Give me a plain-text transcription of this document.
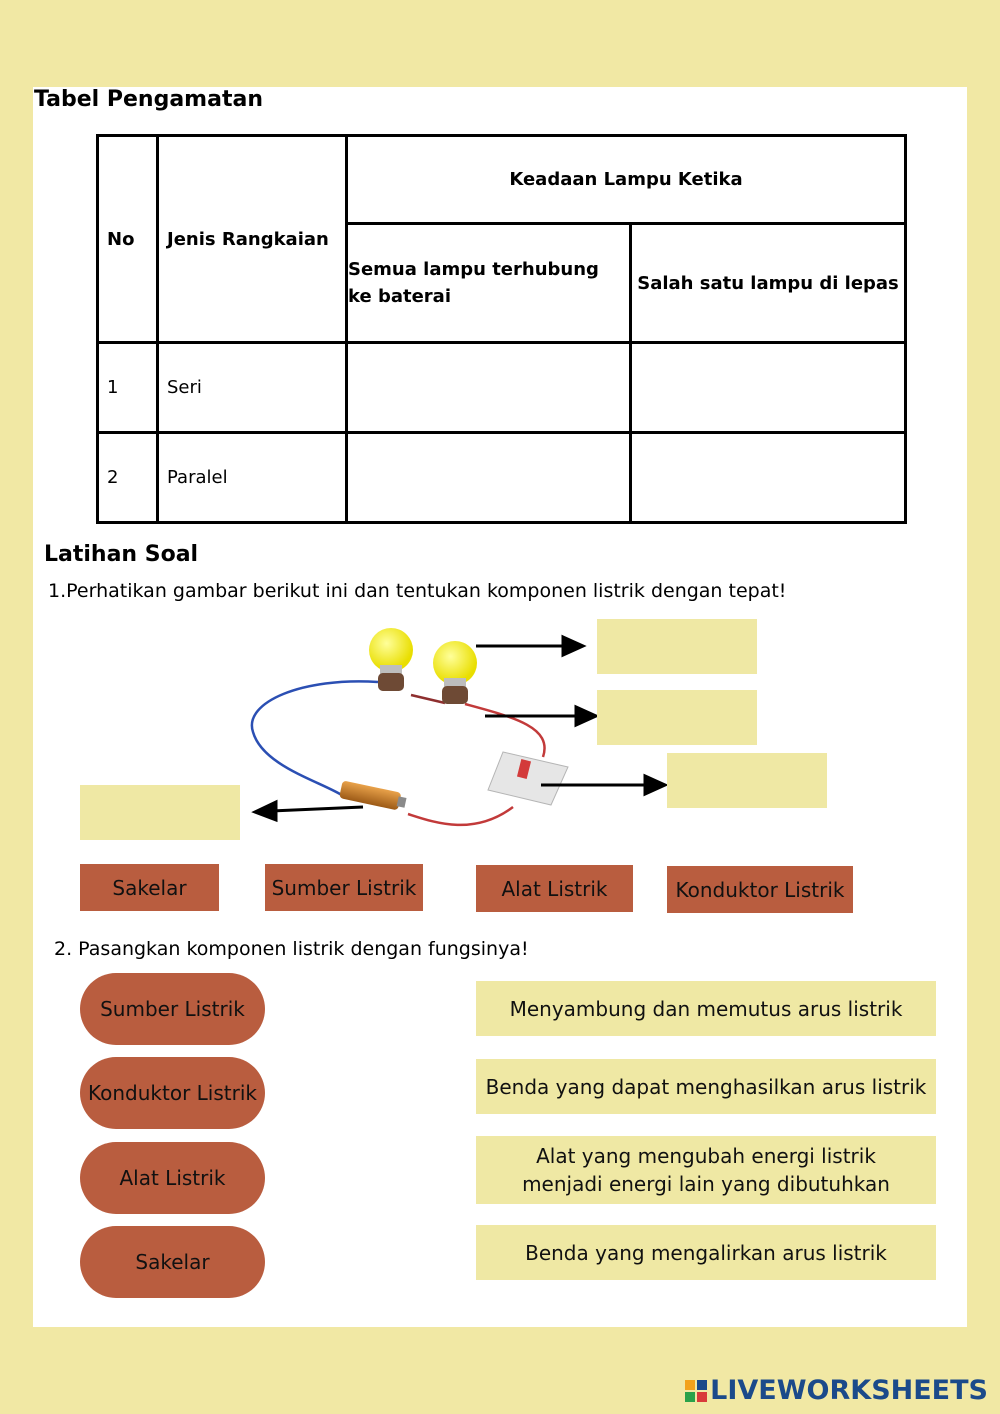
Tabel Pengamatan
No	Jenis Rangkaian	Keadaan Lampu Ketika	
		Semua lampu terhubung ke baterai	Salah satu lampu di lepas
1	Seri		
2	Paralel		
Latihan Soal
1.Perhatikan gambar berikut ini dan tentukan komponen listrik dengan tepat!
Sakelar	Sumber Listrik	Alat Listrik	Konduktor Listrik
2. Pasangkan komponen listrik dengan fungsinya!
Sumber Listrik
Konduktor Listrik
Alat Listrik
Sakelar
Menyambung dan memutus arus listrik
Benda yang dapat menghasilkan arus listrik
Alat yang mengubah energi listrik menjadi energi lain yang dibutuhkan
Benda yang mengalirkan arus listrik
LIVEWORKSHEETS
